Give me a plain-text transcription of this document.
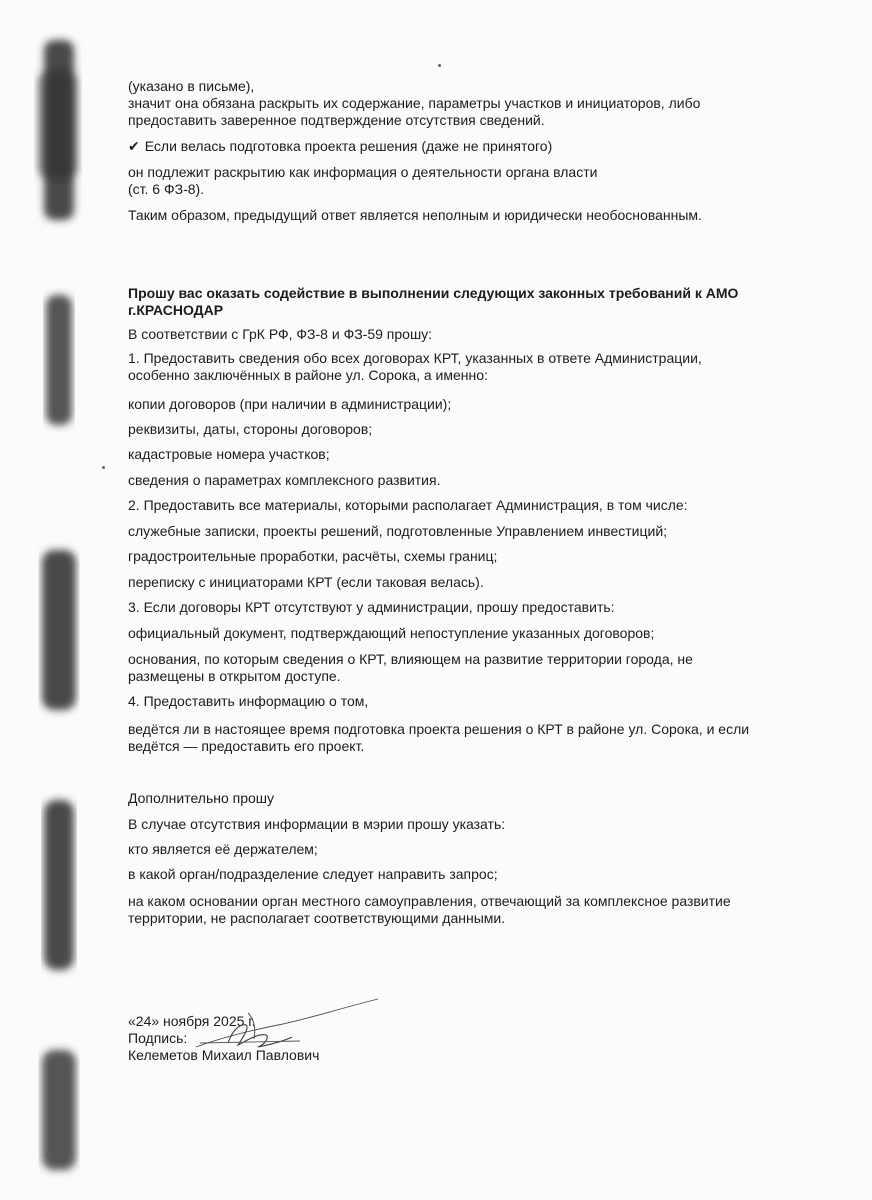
(указано в письме),

значит она обязана раскрыть их содержание, параметры участков и инициаторов, либо

предоставить заверенное подтверждение отсутствия сведений.

✔ Если велась подготовка проекта решения (даже не принятого)

он подлежит раскрытию как информация о деятельности органа власти

(ст. 6 ФЗ-8).

Таким образом, предыдущий ответ является неполным и юридически необоснованным.

Прошу вас оказать содействие в выполнении следующих законных требований к АМО

г.КРАСНОДАР

В соответствии с ГрК РФ, ФЗ-8 и ФЗ-59 прошу:

1. Предоставить сведения обо всех договорах КРТ, указанных в ответе Администрации,

особенно заключённых в районе ул. Сорока, а именно:

копии договоров (при наличии в администрации);

реквизиты, даты, стороны договоров;

кадастровые номера участков;

сведения о параметрах комплексного развития.

2. Предоставить все материалы, которыми располагает Администрация, в том числе:

служебные записки, проекты решений, подготовленные Управлением инвестиций;

градостроительные проработки, расчёты, схемы границ;

переписку с инициаторами КРТ (если таковая велась).

3. Если договоры КРТ отсутствуют у администрации, прошу предоставить:

официальный документ, подтверждающий непоступление указанных договоров;

основания, по которым сведения о КРТ, влияющем на развитие территории города, не

размещены в открытом доступе.

4. Предоставить информацию о том,

ведётся ли в настоящее время подготовка проекта решения о КРТ в районе ул. Сорока, и если

ведётся — предоставить его проект.

Дополнительно прошу

В случае отсутствия информации в мэрии прошу указать:

кто является её держателем;

в какой орган/подразделение следует направить запрос;

на каком основании орган местного самоуправления, отвечающий за комплексное развитие

территории, не располагает соответствующими данными.

«24» ноября 2025 г.

Подпись:

Келеметов Михаил Павлович
